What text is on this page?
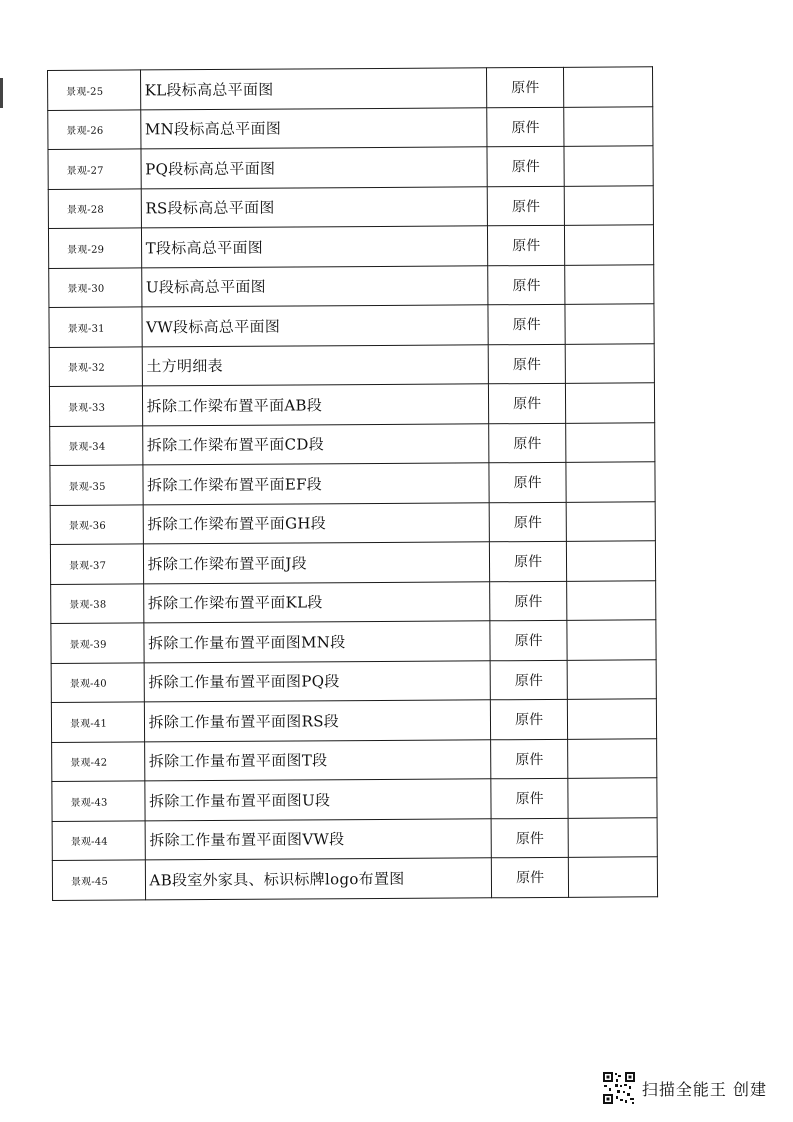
景观-25	KL段标高总平面图	原件	
景观-26	MN段标高总平面图	原件	
景观-27	PQ段标高总平面图	原件	
景观-28	RS段标高总平面图	原件	
景观-29	T段标高总平面图	原件	
景观-30	U段标高总平面图	原件	
景观-31	VW段标高总平面图	原件	
景观-32	土方明细表	原件	
景观-33	拆除工作梁布置平面AB段	原件	
景观-34	拆除工作梁布置平面CD段	原件	
景观-35	拆除工作梁布置平面EF段	原件	
景观-36	拆除工作梁布置平面GH段	原件	
景观-37	拆除工作梁布置平面J段	原件	
景观-38	拆除工作梁布置平面KL段	原件	
景观-39	拆除工作量布置平面图MN段	原件	
景观-40	拆除工作量布置平面图PQ段	原件	
景观-41	拆除工作量布置平面图RS段	原件	
景观-42	拆除工作量布置平面图T段	原件	
景观-43	拆除工作量布置平面图U段	原件	
景观-44	拆除工作量布置平面图VW段	原件	
景观-45	AB段室外家具、标识标牌logo布置图	原件	
扫描全能王 创建
